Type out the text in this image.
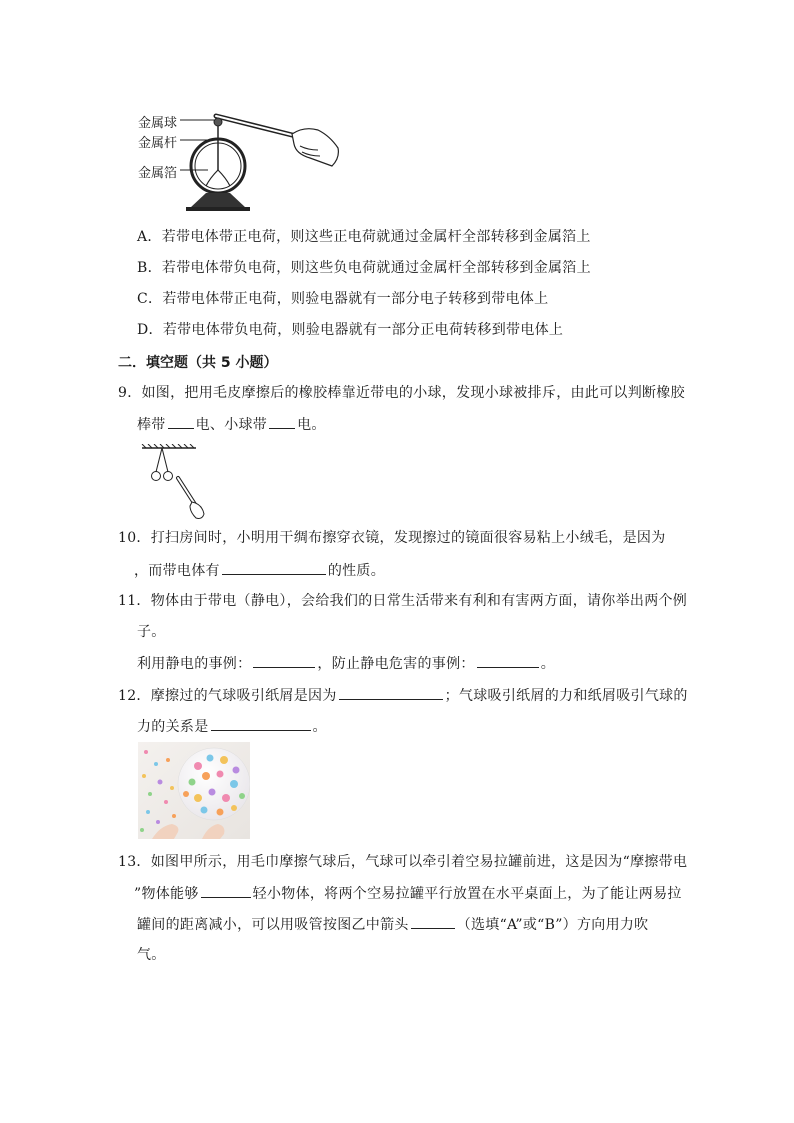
金属球
金属杆
金属箔
A．若带电体带正电荷，则这些正电荷就通过金属杆全部转移到金属箔上
B．若带电体带负电荷，则这些负电荷就通过金属杆全部转移到金属箔上
C．若带电体带正电荷，则验电器就有一部分电子转移到带电体上
D．若带电体带负电荷，则验电器就有一部分正电荷转移到带电体上
二．填空题（共 5 小题）
9．如图，把用毛皮摩擦后的橡胶棒靠近带电的小球，发现小球被排斥，由此可以判断橡胶
棒带 电、小球带 电。
10．打扫房间时，小明用干绸布擦穿衣镜，发现擦过的镜面很容易粘上小绒毛，是因为
，而带电体有	的性质。
11．物体由于带电（静电），会给我们的日常生活带来有利和有害两方面，请你举出两个例
子。
利用静电的事例：	，防止静电危害的事例：	。
12．摩擦过的气球吸引纸屑是因为	；气球吸引纸屑的力和纸屑吸引气球的
力的关系是	。
13．如图甲所示，用毛巾摩擦气球后，气球可以牵引着空易拉罐前进，这是因为“摩擦带电
”物体能够	轻小物体，将两个空易拉罐平行放置在水平桌面上，为了能让两易拉
罐间的距离减小，可以用吸管按图乙中箭头	（选填“A”或“B”）方向用力吹
气。
